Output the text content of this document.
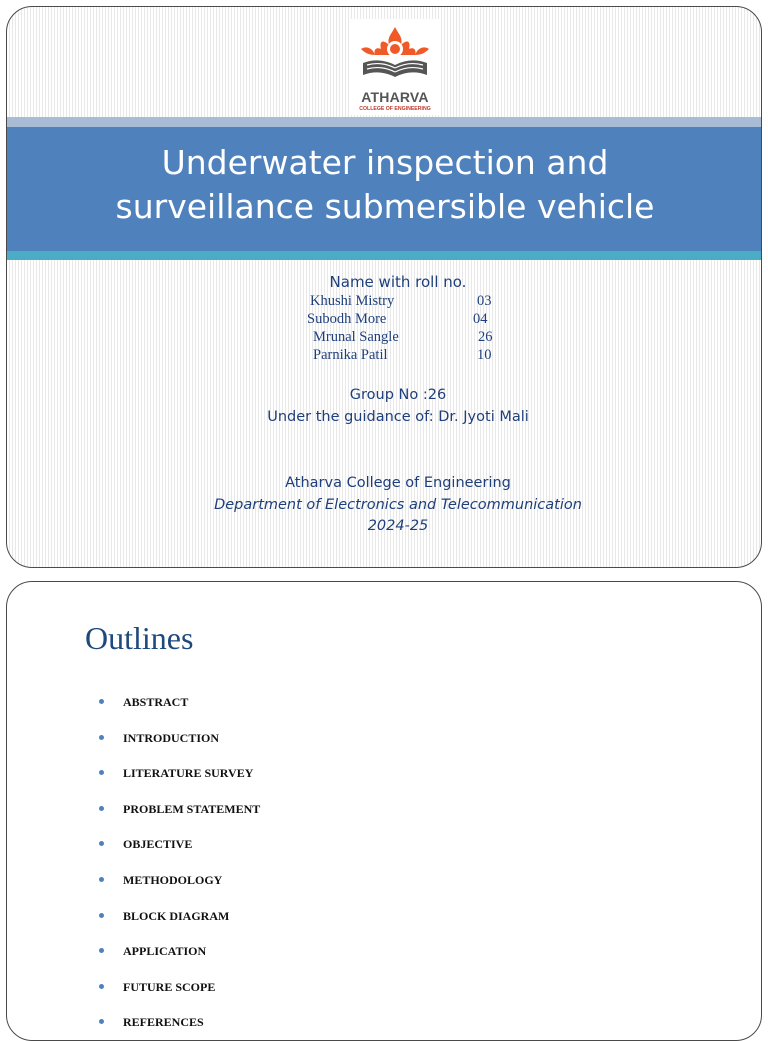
ATHARVA
COLLEGE OF ENGINEERING
Underwater inspection and
surveillance submersible vehicle
Name with roll no.
Khushi Mistry	03
Subodh More	04
Mrunal Sangle	26
Parnika Patil	10
Group No :26
Under the guidance of: Dr. Jyoti Mali
Atharva College of Engineering
Department of Electronics and Telecommunication
2024-25
Outlines
ABSTRACT
INTRODUCTION
LITERATURE SURVEY
PROBLEM STATEMENT
OBJECTIVE
METHODOLOGY
BLOCK DIAGRAM
APPLICATION
FUTURE SCOPE
REFERENCES
